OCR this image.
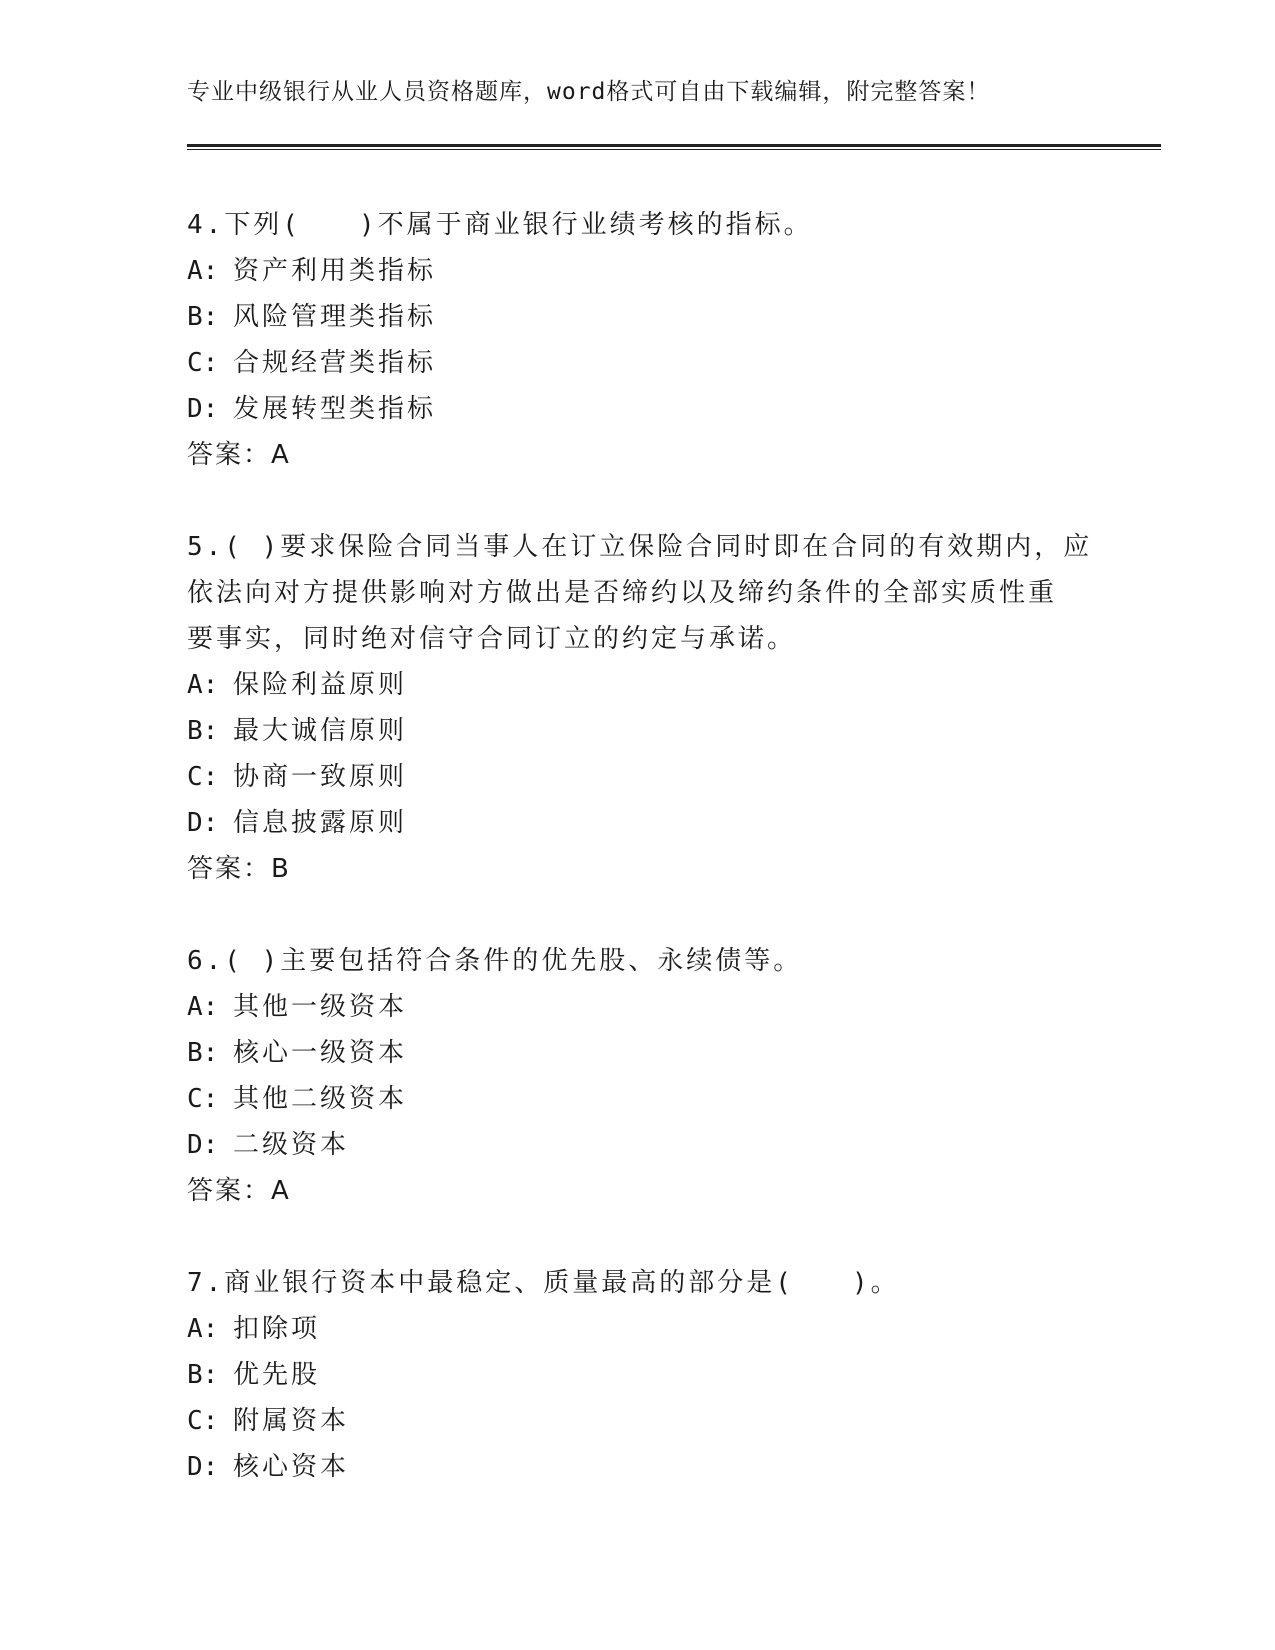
专业中级银行从业人员资格题库，word格式可自由下载编辑，附完整答案！
4.下列(　　)不属于商业银行业绩考核的指标。
A: 资产利用类指标
B: 风险管理类指标
C: 合规经营类指标
D: 发展转型类指标
答案：A
5.( )要求保险合同当事人在订立保险合同时即在合同的有效期内，应
依法向对方提供影响对方做出是否缔约以及缔约条件的全部实质性重
要事实，同时绝对信守合同订立的约定与承诺。
A: 保险利益原则
B: 最大诚信原则
C: 协商一致原则
D: 信息披露原则
答案：B
6.( )主要包括符合条件的优先股、永续债等。
A: 其他一级资本
B: 核心一级资本
C: 其他二级资本
D: 二级资本
答案：A
7.商业银行资本中最稳定、质量最高的部分是(　　)。
A: 扣除项
B: 优先股
C: 附属资本
D: 核心资本
